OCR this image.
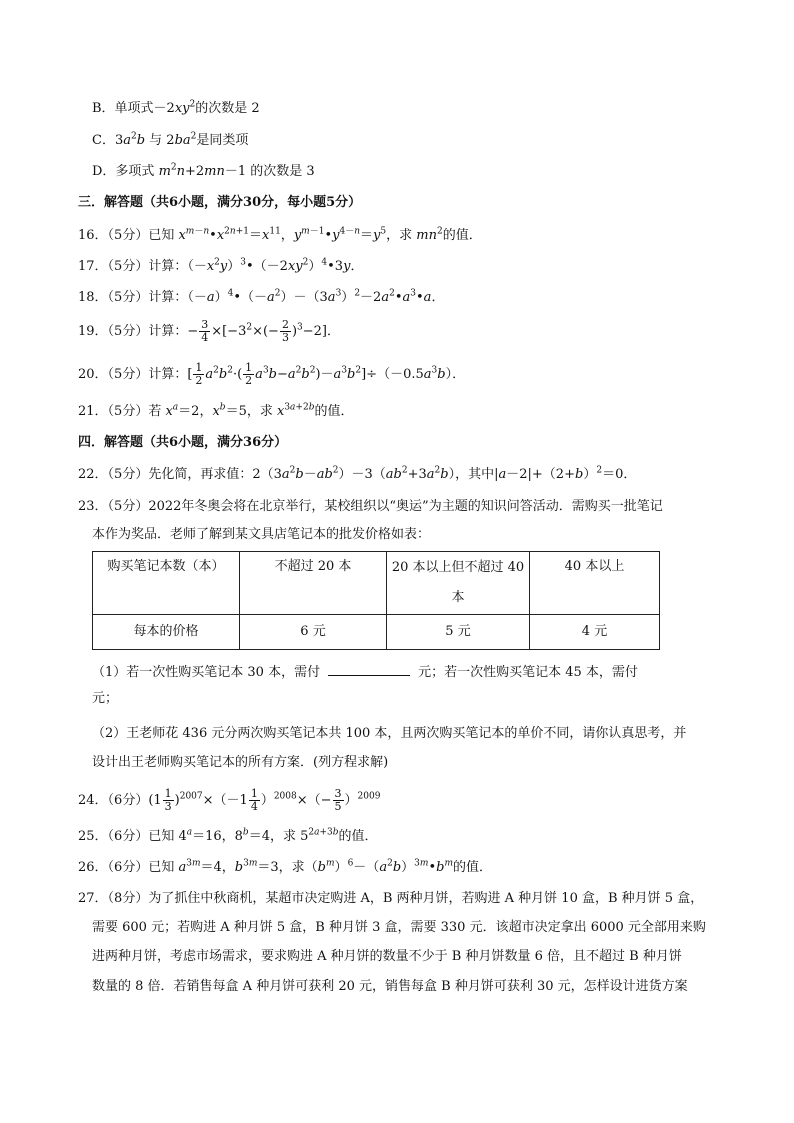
B．单项式$-2xy^2$的次数是 2
C．$3a^2b$ 与 $2ba^2$是同类项
D．多项式 $m^2n+2mn-1$ 的次数是 3
三．解答题（共6小题，满分30分，每小题5分）
16．（5分）已知 $x^{m-n}•x^{2n+1}=x^{11}$，$y^{m-1}•y^{4-n}=y^5$，求 $mn^2$的值．
17．（5分）计算：$(-x^2y)^3•(-2xy^2)^4•3y$．
18．（5分）计算：$(-a)^4•(-a^2)-(3a^3)^2-2a^2•a^3•a$．
19．（5分）计算：− $\frac{3}{4} \times[-3^2\times(- \frac{2}{3} )^3-2]$．
20．（5分）计算：[ $\frac{1}{2} a^2b^2\cdot( \frac{1}{2} a^3b-a^2b^2)-a^3b^2]\div(-0.5a^3b)$．
21．（5分）若 $x^a=2$，$x^b=5$，求 $x^{3a+2b}$的值．
四．解答题（共6小题，满分36分）
22．（5分）先化简，再求值：$2(3a^2b-ab^2)-3(ab^2+3a^2b)$，其中$|a-2|+(2+b)^2=0$．
23．（5分）2022年冬奥会将在北京举行，某校组织以“奥运”为主题的知识问答活动．需购买一批笔记
本作为奖品．老师了解到某文具店笔记本的批发价格如表：
购买笔记本数（本）	不超过 20 本	20 本以上但不超过 40 本	40 本以上
每本的价格	6 元	5 元	4 元
（1）若一次性购买笔记本 30 本，需付	元；若一次性购买笔记本 45 本，需付
元；
（2）王老师花 436 元分两次购买笔记本共 100 本，且两次购买笔记本的单价不同，请你认真思考，并
设计出王老师购买笔记本的所有方案．(列方程求解)
24．（6分）$(1 \frac{1}{3} )^{2007}\times(-1 \frac{1}{4} )^{2008}\times(- \frac{3}{5} )^{2009}$
25．（6分）已知 $4^a=16$，$8^b=4$，求 $5^{2a+3b}$的值．
26．（6分）已知 $a^{3m}=4$，$b^{3m}=3$，求$(b^m)^6-(a^2b)^{3m}•b^m$的值．
27．（8分）为了抓住中秋商机，某超市决定购进 A，B 两种月饼，若购进 A 种月饼 10 盒，B 种月饼 5 盒，
需要 600 元；若购进 A 种月饼 5 盒，B 种月饼 3 盒，需要 330 元．该超市决定拿出 6000 元全部用来购
进两种月饼，考虑市场需求，要求购进 A 种月饼的数量不少于 B 种月饼数量 6 倍，且不超过 B 种月饼
数量的 8 倍．若销售每盒 A 种月饼可获利 20 元，销售每盒 B 种月饼可获利 30 元，怎样设计进货方案
